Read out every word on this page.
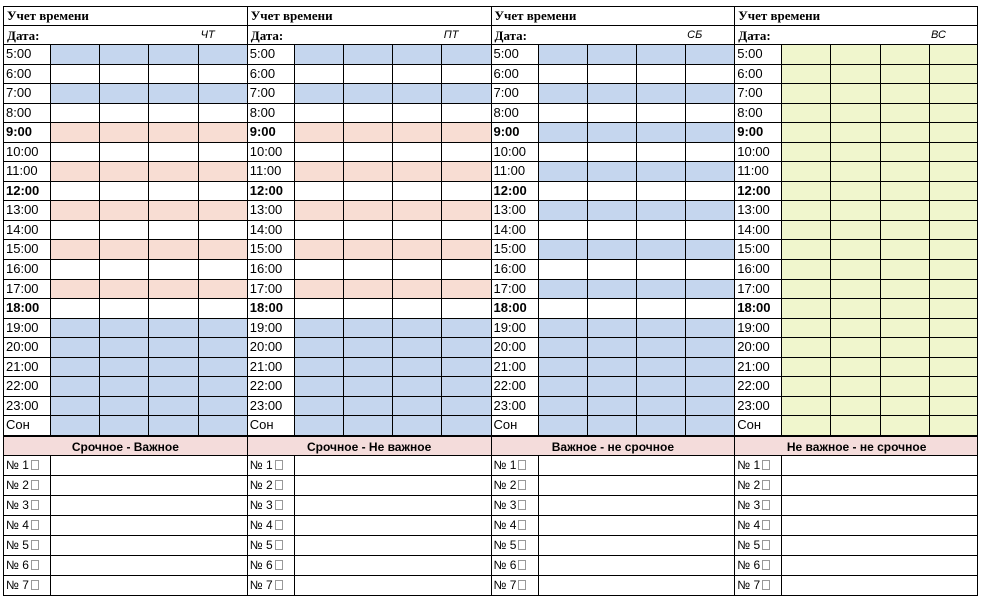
Учет времени
Дата:	ЧТ
5:00
6:00
7:00
8:00
9:00
10:00
11:00
12:00
13:00
14:00
15:00
16:00
17:00
18:00
19:00
20:00
21:00
22:00
23:00
Сон
Учет времени
Дата:	ПТ
5:00
6:00
7:00
8:00
9:00
10:00
11:00
12:00
13:00
14:00
15:00
16:00
17:00
18:00
19:00
20:00
21:00
22:00
23:00
Сон
Учет времени
Дата:	СБ
5:00
6:00
7:00
8:00
9:00
10:00
11:00
12:00
13:00
14:00
15:00
16:00
17:00
18:00
19:00
20:00
21:00
22:00
23:00
Сон
Учет времени
Дата:	ВС
5:00
6:00
7:00
8:00
9:00
10:00
11:00
12:00
13:00
14:00
15:00
16:00
17:00
18:00
19:00
20:00
21:00
22:00
23:00
Сон
Срочное - Важное
№ 1
№ 2
№ 3
№ 4
№ 5
№ 6
№ 7
Срочное - Не важное
№ 1
№ 2
№ 3
№ 4
№ 5
№ 6
№ 7
Важное - не срочное
№ 1
№ 2
№ 3
№ 4
№ 5
№ 6
№ 7
Не важное - не срочное
№ 1
№ 2
№ 3
№ 4
№ 5
№ 6
№ 7
